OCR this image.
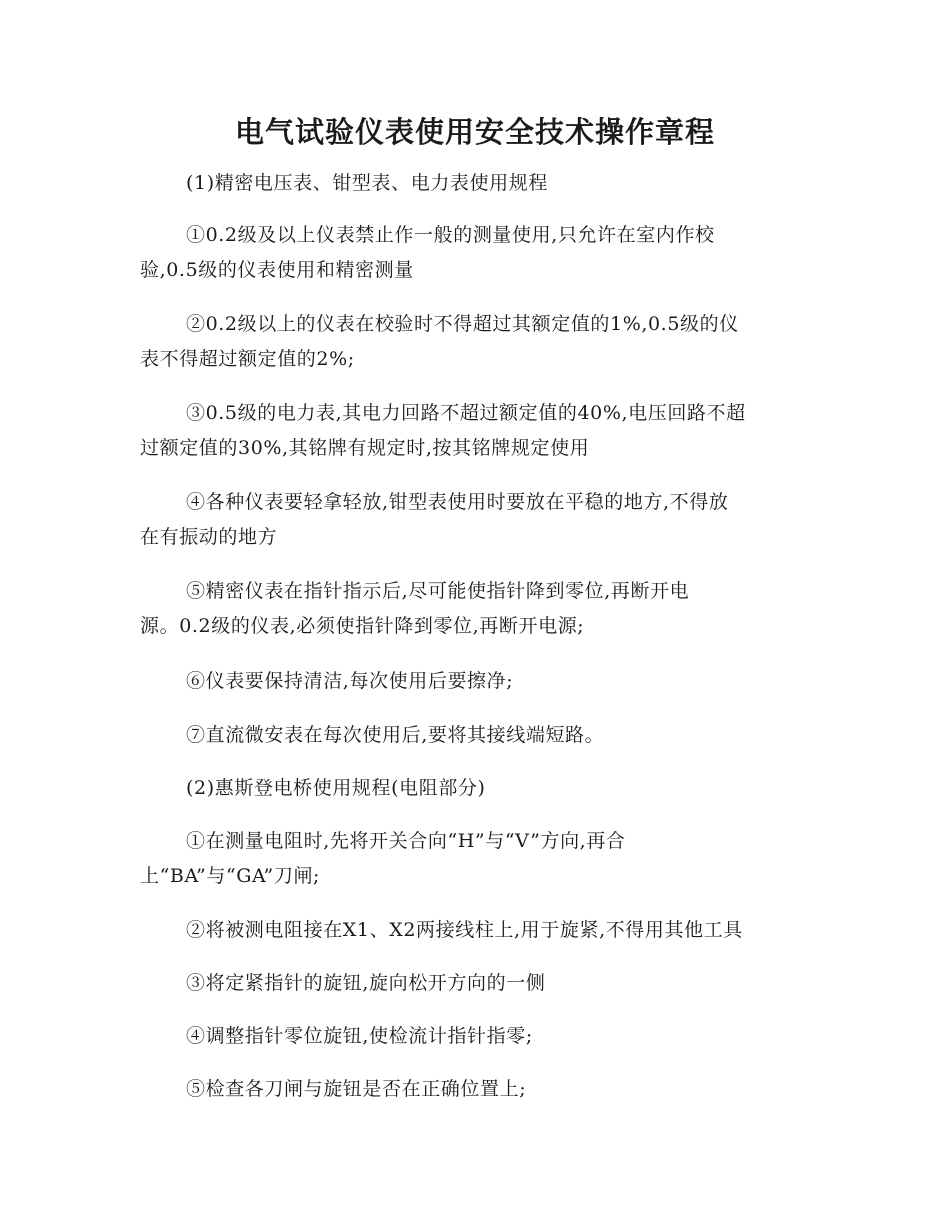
电气试验仪表使用安全技术操作章程
(1)精密电压表、钳型表、电力表使用规程
①0.2级及以上仪表禁止作一般的测量使用,只允许在室内作校
验,0.5级的仪表使用和精密测量
②0.2级以上的仪表在校验时不得超过其额定值的1%,0.5级的仪
表不得超过额定值的2%;
③0.5级的电力表,其电力回路不超过额定值的40%,电压回路不超
过额定值的30%,其铭牌有规定时,按其铭牌规定使用
④各种仪表要轻拿轻放,钳型表使用时要放在平稳的地方,不得放
在有振动的地方
⑤精密仪表在指针指示后,尽可能使指针降到零位,再断开电
源。0.2级的仪表,必须使指针降到零位,再断开电源;
⑥仪表要保持清洁,每次使用后要擦净;
⑦直流微安表在每次使用后,要将其接线端短路。
(2)惠斯登电桥使用规程(电阻部分)
①在测量电阻时,先将开关合向“H”与“V”方向,再合
上“BA”与“GA”刀闸;
②将被测电阻接在X1、X2两接线柱上,用于旋紧,不得用其他工具
③将定紧指针的旋钮,旋向松开方向的一侧
④调整指针零位旋钮,使检流计指针指零;
⑤检查各刀闸与旋钮是否在正确位置上;
